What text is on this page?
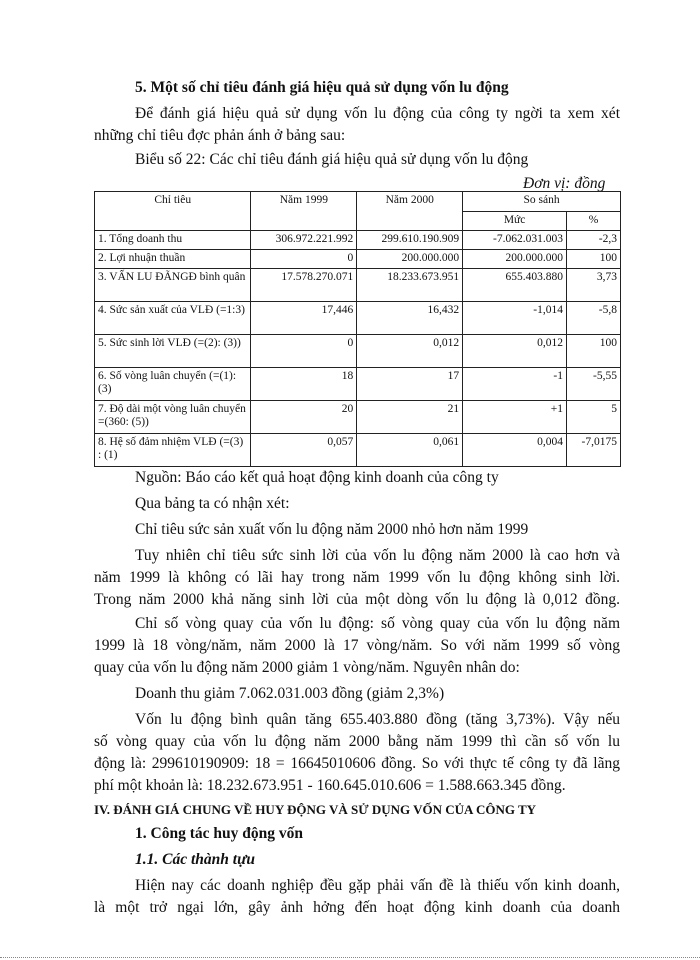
5. Một số chỉ tiêu đánh giá hiệu quả sử dụng vốn lu động
Để đánh giá hiệu quả sử dụng vốn lu động của công ty ngời ta xem xét
những chỉ tiêu đợc phản ánh ở bảng sau:
Biểu số 22: Các chỉ tiêu đánh giá hiệu quả sử dụng vốn lu động
Đơn vị: đồng
Chỉ tiêu	Năm 1999	Năm 2000	So sánh	
			Mức	%
1. Tổng doanh thu	306.972.221.992	299.610.190.909	-7.062.031.003	-2,3
2. Lợi nhuận thuần	0	200.000.000	200.000.000	100
3. VẤN LU ĐÃNGĐ bình quân	17.578.270.071	18.233.673.951	655.403.880	3,73
4. Sức sản xuất của VLĐ (=1:3)	17,446	16,432	-1,014	-5,8
5. Sức sinh lời VLĐ (=(2): (3))	0	0,012	0,012	100
6. Số vòng luân chuyển (=(1): (3)	18	17	-1	-5,55
7. Độ dài một vòng luân chuyển =(360: (5))	20	21	+1	5
8. Hệ số đảm nhiệm VLĐ (=(3) : (1)	0,057	0,061	0,004	-7,0175
Nguồn: Báo cáo kết quả hoạt động kinh doanh của công ty
Qua bảng ta có nhận xét:
Chỉ tiêu sức sản xuất vốn lu động năm 2000 nhỏ hơn năm 1999
Tuy nhiên chỉ tiêu sức sinh lời của vốn lu động năm 2000 là cao hơn và
năm 1999 là không có lãi hay trong năm 1999 vốn lu động không sinh lời.
Trong năm 2000 khả năng sinh lời của một dòng vốn lu động là 0,012 đồng.
Chỉ số vòng quay của vốn lu động: số vòng quay của vốn lu động năm
1999 là 18 vòng/năm, năm 2000 là 17 vòng/năm. So với năm 1999 số vòng
quay của vốn lu động năm 2000 giảm 1 vòng/năm. Nguyên nhân do:
Doanh thu giảm 7.062.031.003 đồng (giảm 2,3%)
Vốn lu động bình quân tăng 655.403.880 đồng (tăng 3,73%). Vậy nếu
số vòng quay của vốn lu động năm 2000 bằng năm 1999 thì cần số vốn lu
động là: 299610190909: 18 = 16645010606 đồng. So với thực tế công ty đã lãng
phí một khoản là: 18.232.673.951 - 160.645.010.606 = 1.588.663.345 đồng.
IV. ĐÁNH GIÁ CHUNG VỀ HUY ĐỘNG VÀ SỬ DỤNG VỐN CỦA CÔNG TY
1. Công tác huy động vốn
1.1. Các thành tựu
Hiện nay các doanh nghiệp đều gặp phải vấn đề là thiếu vốn kinh doanh,
là một trở ngại lớn, gây ảnh hởng đến hoạt động kinh doanh của doanh
